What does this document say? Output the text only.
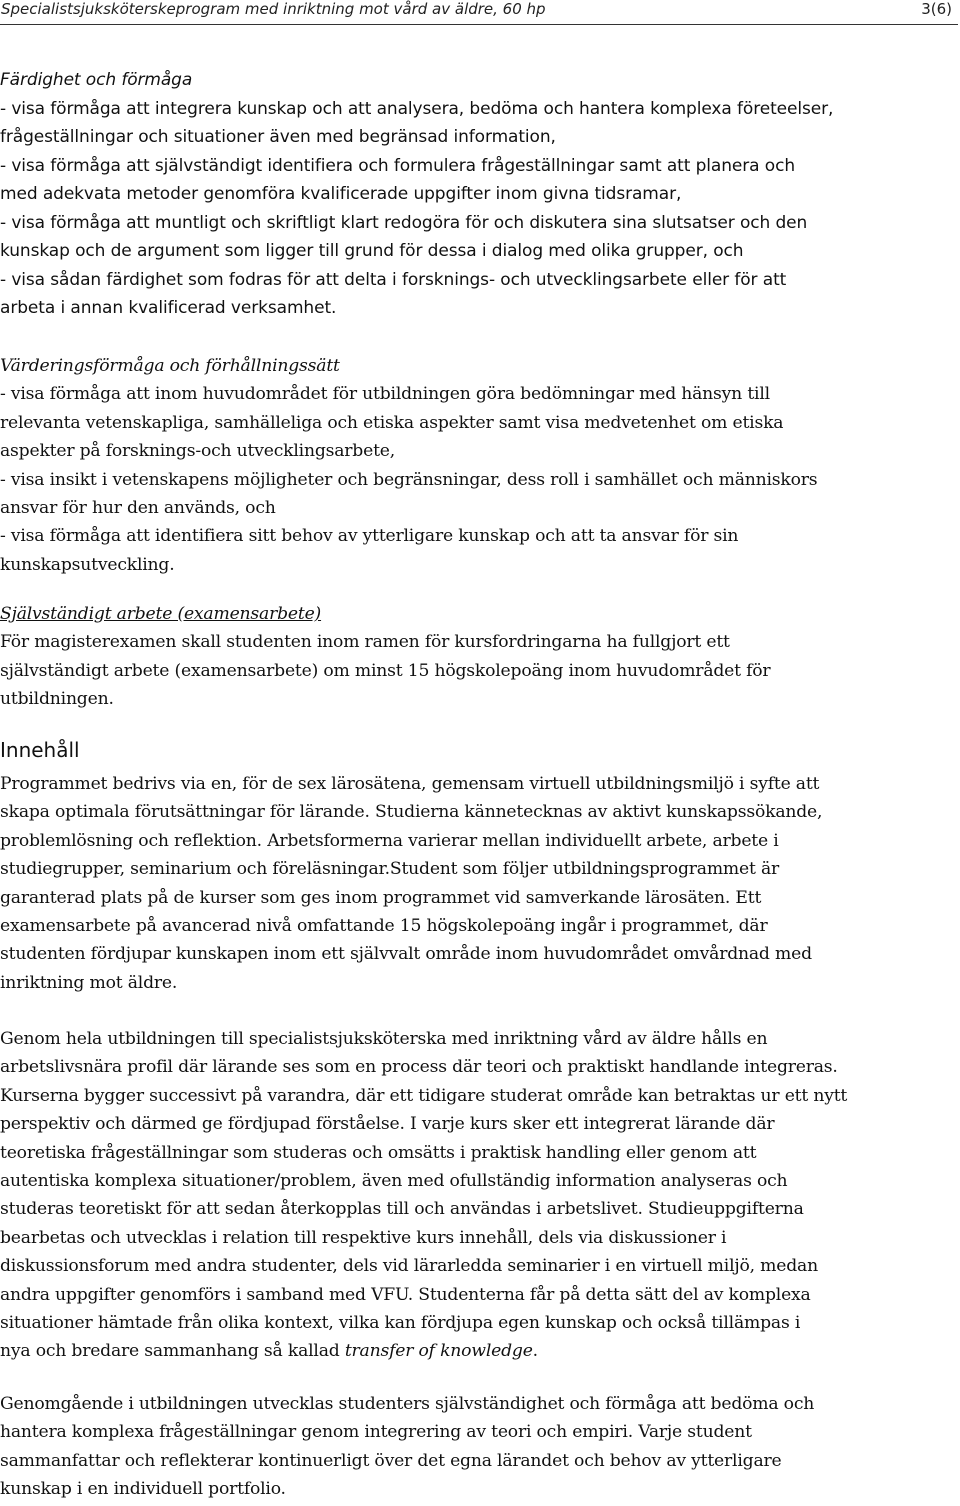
Specialistsjuksköterskeprogram med inriktning mot vård av äldre, 60 hp	3(6)
Färdighet och förmåga
- visa förmåga att integrera kunskap och att analysera, bedöma och hantera komplexa företeelser,
frågeställningar och situationer även med begränsad information,
- visa förmåga att självständigt identifiera och formulera frågeställningar samt att planera och
med adekvata metoder genomföra kvalificerade uppgifter inom givna tidsramar,
- visa förmåga att muntligt och skriftligt klart redogöra för och diskutera sina slutsatser och den
kunskap och de argument som ligger till grund för dessa i dialog med olika grupper, och
- visa sådan färdighet som fodras för att delta i forsknings- och utvecklingsarbete eller för att
arbeta i annan kvalificerad verksamhet.
Värderingsförmåga och förhållningssätt
- visa förmåga att inom huvudområdet för utbildningen göra bedömningar med hänsyn till
relevanta vetenskapliga, samhälleliga och etiska aspekter samt visa medvetenhet om etiska
aspekter på forsknings-och utvecklingsarbete,
- visa insikt i vetenskapens möjligheter och begränsningar, dess roll i samhället och människors
ansvar för hur den används, och
- visa förmåga att identifiera sitt behov av ytterligare kunskap och att ta ansvar för sin
kunskapsutveckling.
Självständigt arbete (examensarbete)
För magisterexamen skall studenten inom ramen för kursfordringarna ha fullgjort ett
självständigt arbete (examensarbete) om minst 15 högskolepoäng inom huvudområdet för
utbildningen.
Innehåll
Programmet bedrivs via en, för de sex lärosätena, gemensam virtuell utbildningsmiljö i syfte att
skapa optimala förutsättningar för lärande. Studierna kännetecknas av aktivt kunskapssökande,
problemlösning och reflektion. Arbetsformerna varierar mellan individuellt arbete, arbete i
studiegrupper, seminarium och föreläsningar.Student som följer utbildningsprogrammet är
garanterad plats på de kurser som ges inom programmet vid samverkande lärosäten. Ett
examensarbete på avancerad nivå omfattande 15 högskolepoäng ingår i programmet, där
studenten fördjupar kunskapen inom ett självvalt område inom huvudområdet omvårdnad med
inriktning mot äldre.
Genom hela utbildningen till specialistsjuksköterska med inriktning vård av äldre hålls en
arbetslivsnära profil där lärande ses som en process där teori och praktiskt handlande integreras.
Kurserna bygger successivt på varandra, där ett tidigare studerat område kan betraktas ur ett nytt
perspektiv och därmed ge fördjupad förståelse. I varje kurs sker ett integrerat lärande där
teoretiska frågeställningar som studeras och omsätts i praktisk handling eller genom att
autentiska komplexa situationer/problem, även med ofullständig information analyseras och
studeras teoretiskt för att sedan återkopplas till och användas i arbetslivet. Studieuppgifterna
bearbetas och utvecklas i relation till respektive kurs innehåll, dels via diskussioner i
diskussionsforum med andra studenter, dels vid lärarledda seminarier i en virtuell miljö, medan
andra uppgifter genomförs i samband med VFU. Studenterna får på detta sätt del av komplexa
situationer hämtade från olika kontext, vilka kan fördjupa egen kunskap och också tillämpas i
nya och bredare sammanhang så kallad transfer of knowledge.
Genomgående i utbildningen utvecklas studenters självständighet och förmåga att bedöma och
hantera komplexa frågeställningar genom integrering av teori och empiri. Varje student
sammanfattar och reflekterar kontinuerligt över det egna lärandet och behov av ytterligare
kunskap i en individuell portfolio.
